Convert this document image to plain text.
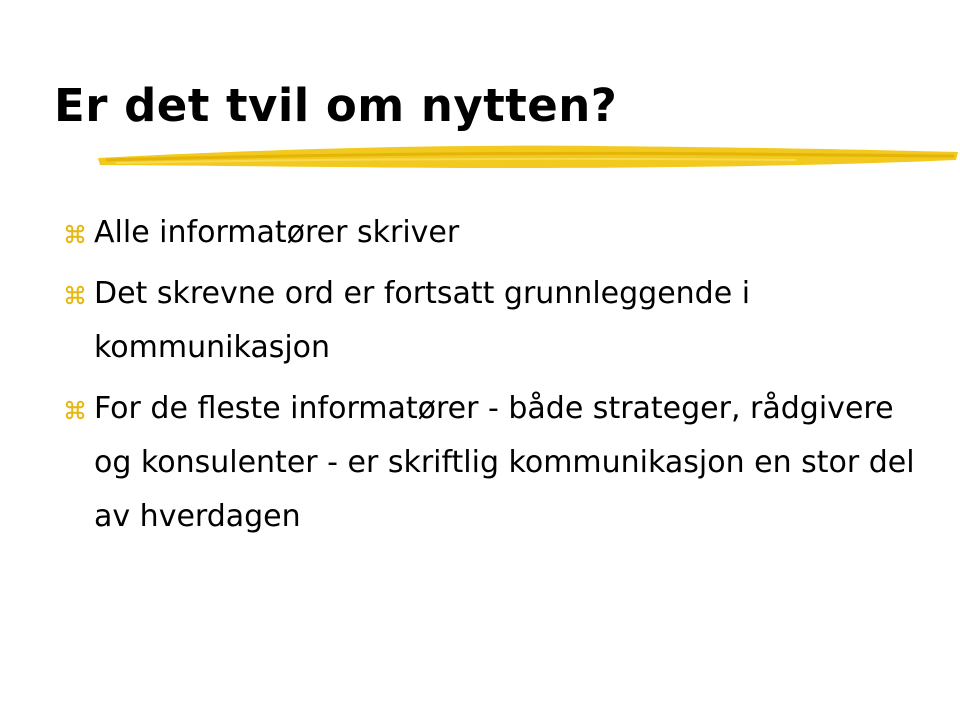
Er det tvil om nytten?
Alle informatører skriver
Det skrevne ord er fortsatt grunnleggende i kommunikasjon
For de fleste informatører - både strateger, rådgivere og konsulenter - er skriftlig kommunikasjon en stor del av hverdagen
